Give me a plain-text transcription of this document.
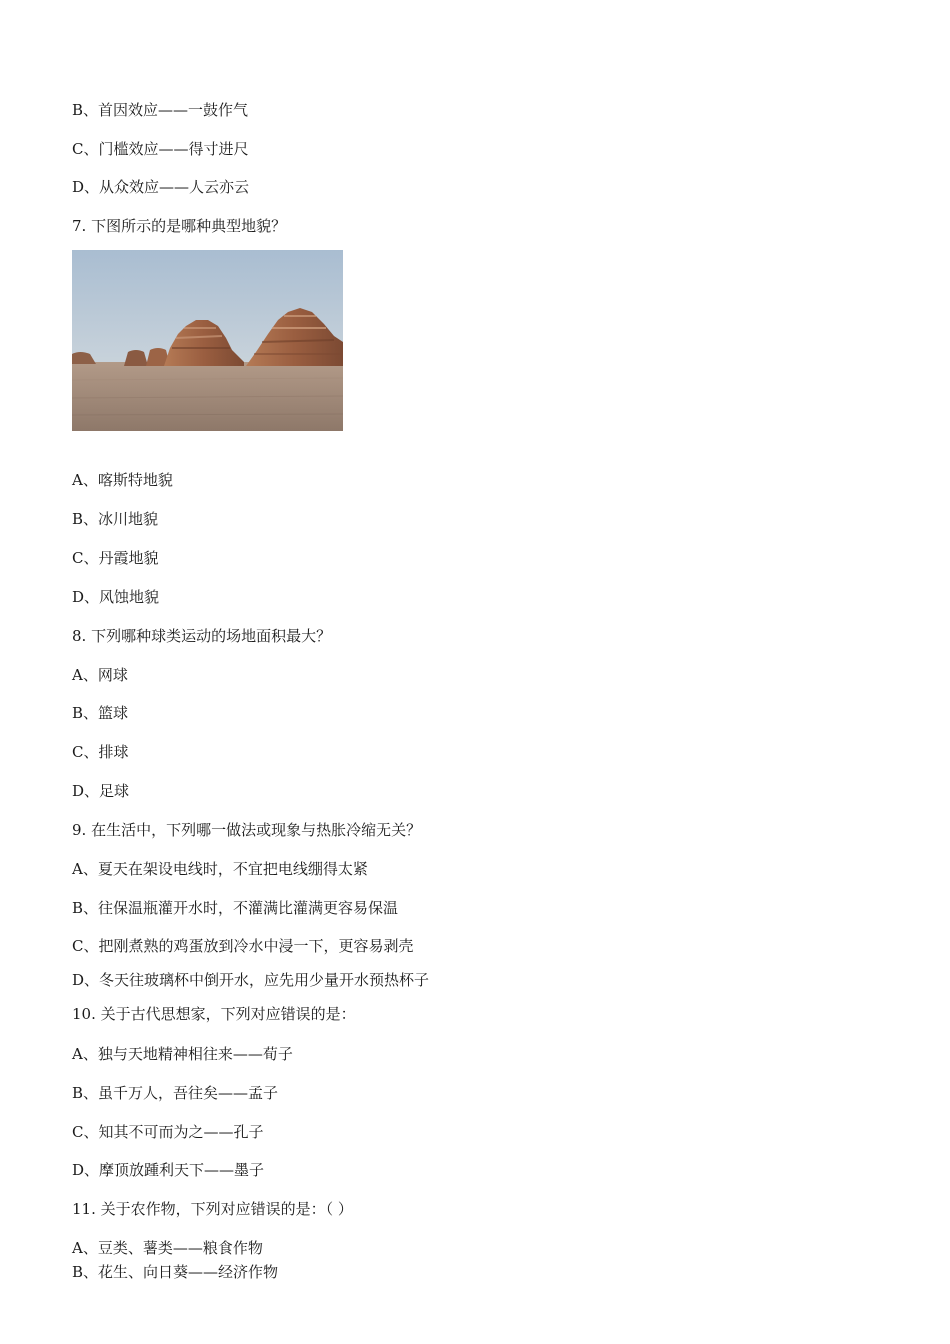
B、首因效应——一鼓作气
C、门槛效应——得寸进尺
D、从众效应——人云亦云
7. 下图所示的是哪种典型地貌？
A、喀斯特地貌
B、冰川地貌
C、丹霞地貌
D、风蚀地貌
8. 下列哪种球类运动的场地面积最大？
A、网球
B、篮球
C、排球
D、足球
9. 在生活中，下列哪一做法或现象与热胀冷缩无关？
A、夏天在架设电线时，不宜把电线绷得太紧
B、往保温瓶灌开水时，不灌满比灌满更容易保温
C、把刚煮熟的鸡蛋放到冷水中浸一下，更容易剥壳
D、冬天往玻璃杯中倒开水，应先用少量开水预热杯子
10. 关于古代思想家，下列对应错误的是：
A、独与天地精神相往来——荀子
B、虽千万人，吾往矣——孟子
C、知其不可而为之——孔子
D、摩顶放踵利天下——墨子
11. 关于农作物，下列对应错误的是：（ ）
A、豆类、薯类——粮食作物
B、花生、向日葵——经济作物
